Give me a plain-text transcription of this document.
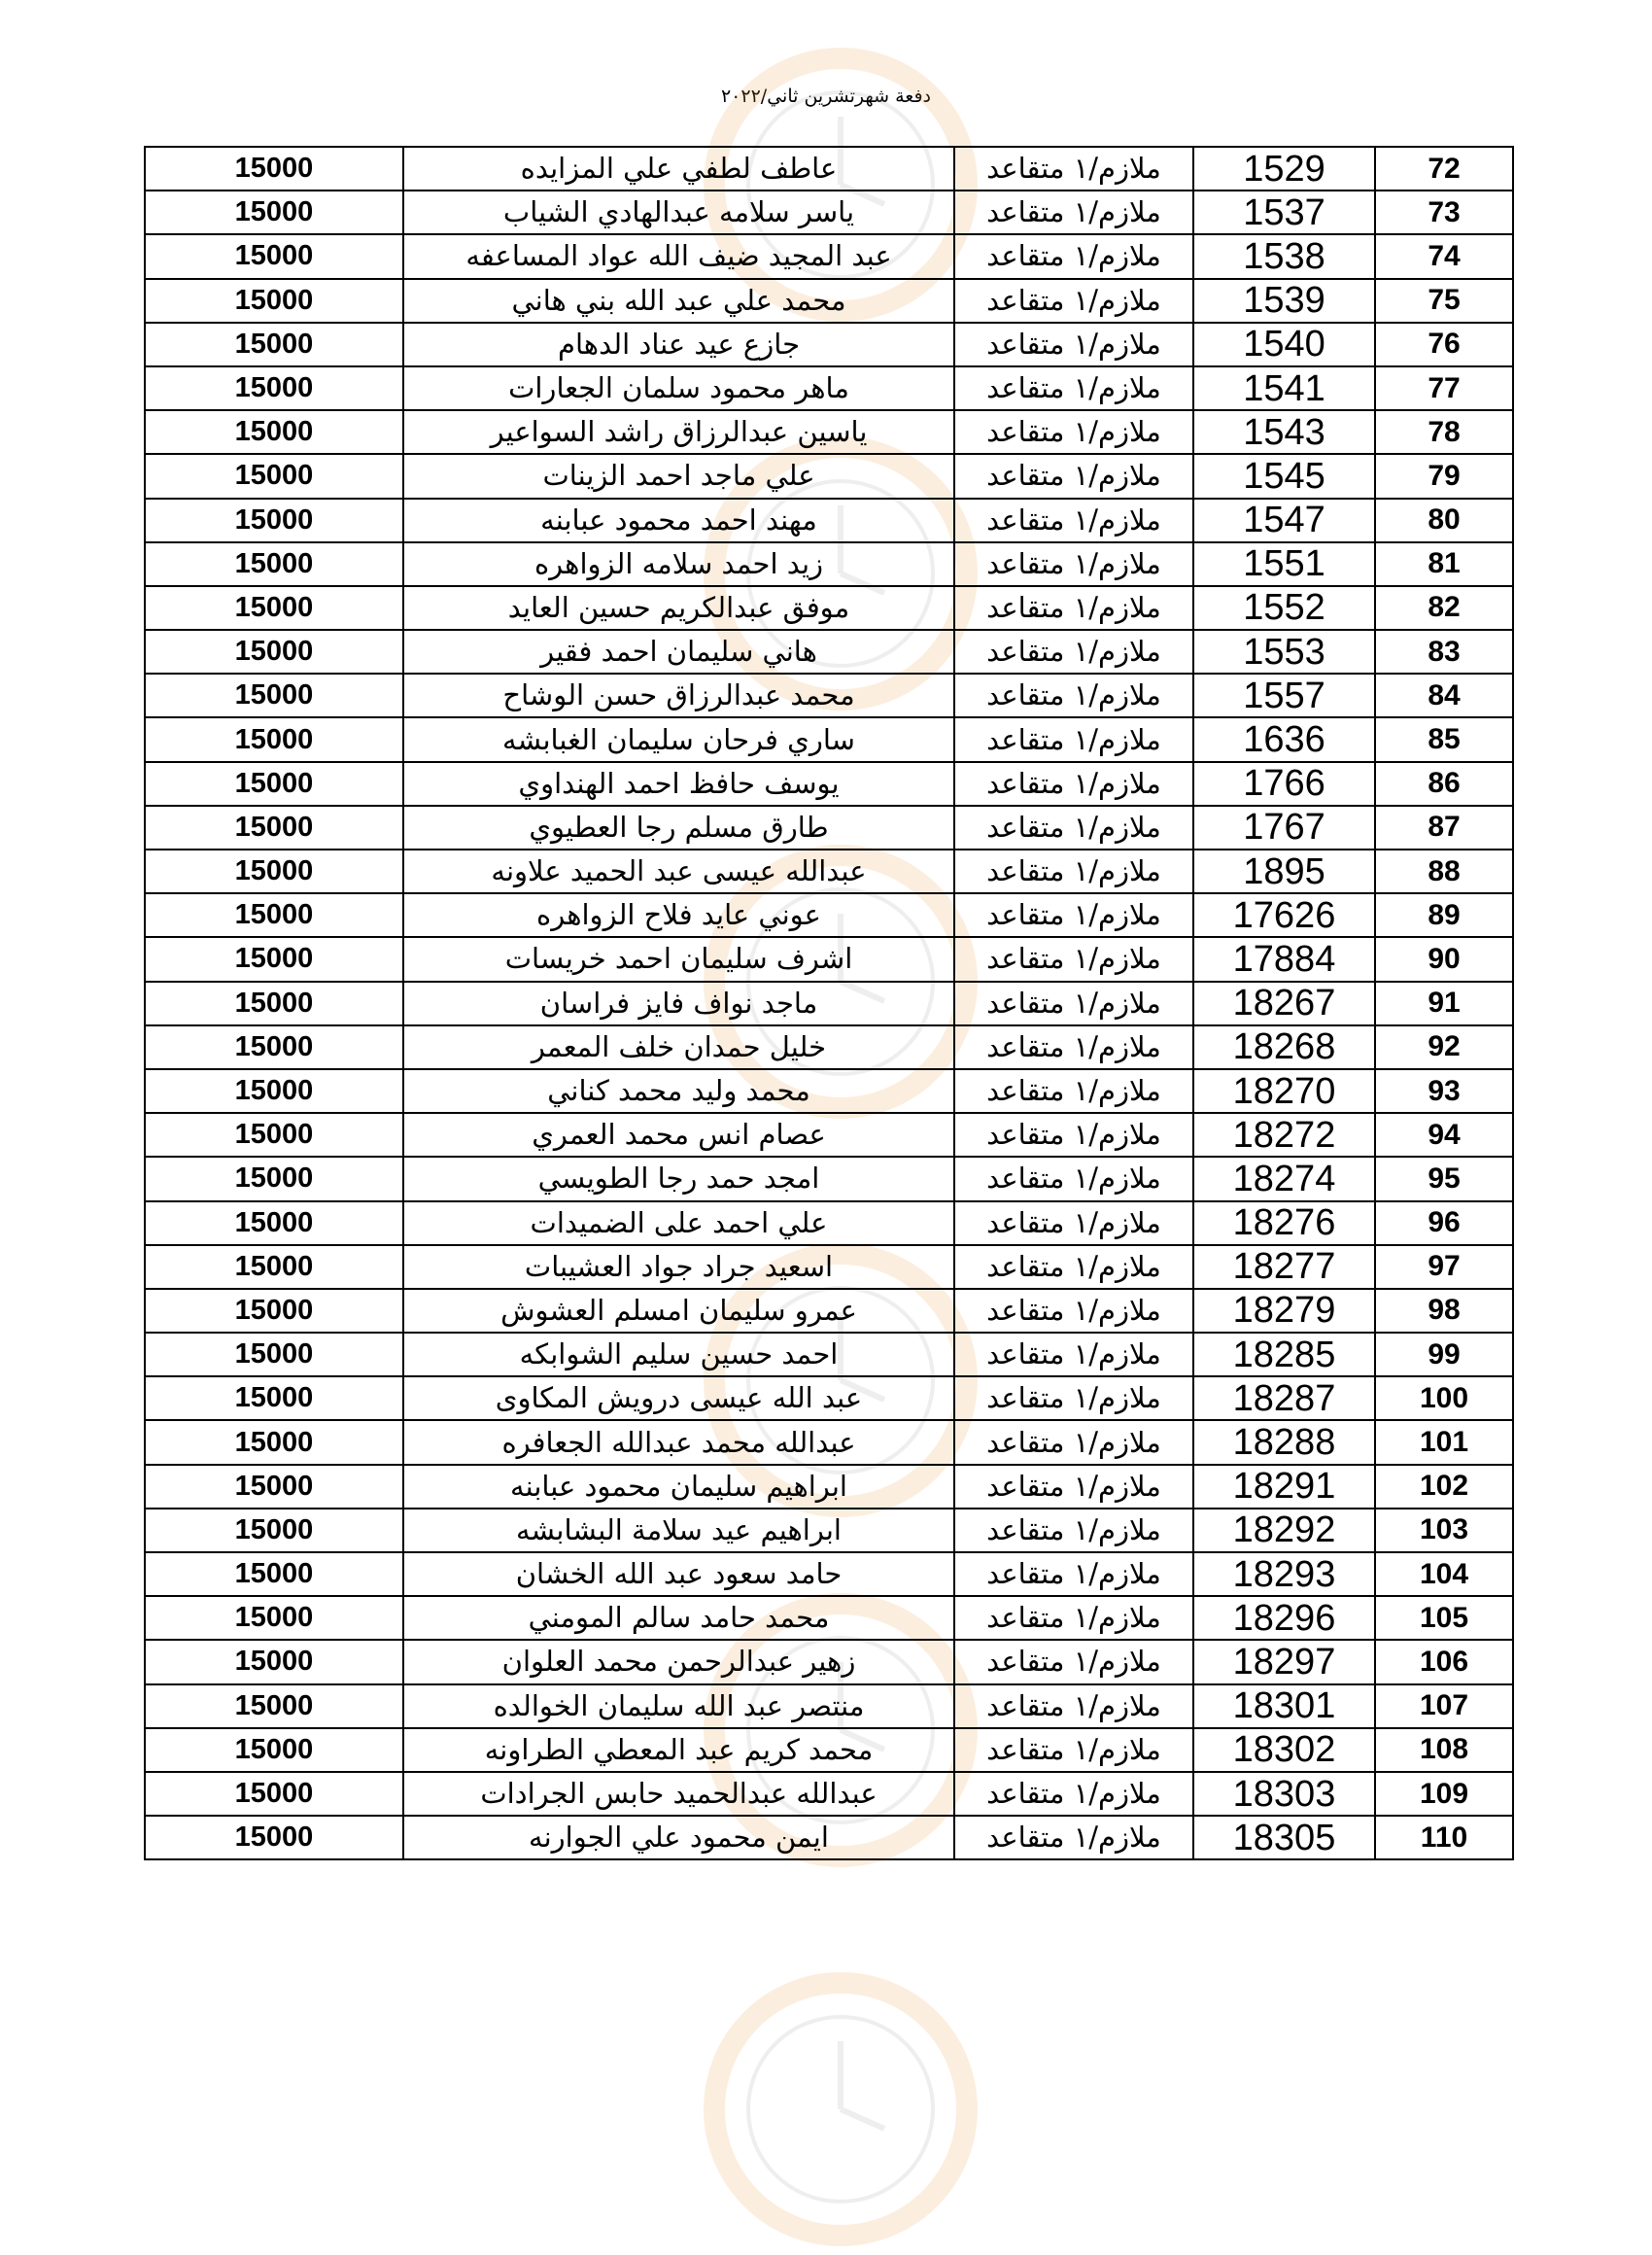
دفعة شهرتشرين ثاني/٢٠٢٢
15000	عاطف لطفي علي المزايده	ملازم/١ متقاعد	1529	72
15000	ياسر سلامه عبدالهادي الشياب	ملازم/١ متقاعد	1537	73
15000	عبد المجيد ضيف الله عواد المساعفه	ملازم/١ متقاعد	1538	74
15000	محمد علي عبد الله بني هاني	ملازم/١ متقاعد	1539	75
15000	جازع عيد عناد الدهام	ملازم/١ متقاعد	1540	76
15000	ماهر محمود سلمان الجعارات	ملازم/١ متقاعد	1541	77
15000	ياسين عبدالرزاق راشد السواعير	ملازم/١ متقاعد	1543	78
15000	علي ماجد احمد الزينات	ملازم/١ متقاعد	1545	79
15000	مهند احمد محمود عبابنه	ملازم/١ متقاعد	1547	80
15000	زيد احمد سلامه الزواهره	ملازم/١ متقاعد	1551	81
15000	موفق عبدالكريم حسين العايد	ملازم/١ متقاعد	1552	82
15000	هاني سليمان احمد فقير	ملازم/١ متقاعد	1553	83
15000	محمد عبدالرزاق حسن الوشاح	ملازم/١ متقاعد	1557	84
15000	ساري فرحان سليمان الغبابشه	ملازم/١ متقاعد	1636	85
15000	يوسف حافظ احمد الهنداوي	ملازم/١ متقاعد	1766	86
15000	طارق مسلم رجا العطيوي	ملازم/١ متقاعد	1767	87
15000	عبدالله عيسى عبد الحميد علاونه	ملازم/١ متقاعد	1895	88
15000	عوني عايد فلاح الزواهره	ملازم/١ متقاعد	17626	89
15000	اشرف سليمان احمد خريسات	ملازم/١ متقاعد	17884	90
15000	ماجد نواف فايز فراسان	ملازم/١ متقاعد	18267	91
15000	خليل حمدان خلف المعمر	ملازم/١ متقاعد	18268	92
15000	محمد وليد محمد كناني	ملازم/١ متقاعد	18270	93
15000	عصام انس محمد العمري	ملازم/١ متقاعد	18272	94
15000	امجد حمد رجا الطويسي	ملازم/١ متقاعد	18274	95
15000	علي احمد على الضميدات	ملازم/١ متقاعد	18276	96
15000	اسعيد جراد جواد العشيبات	ملازم/١ متقاعد	18277	97
15000	عمرو سليمان امسلم العشوش	ملازم/١ متقاعد	18279	98
15000	احمد حسين سليم الشوابكه	ملازم/١ متقاعد	18285	99
15000	عبد الله عيسى درويش المكاوى	ملازم/١ متقاعد	18287	100
15000	عبدالله محمد عبدالله الجعافره	ملازم/١ متقاعد	18288	101
15000	ابراهيم سليمان محمود عبابنه	ملازم/١ متقاعد	18291	102
15000	ابراهيم عيد سلامة البشابشه	ملازم/١ متقاعد	18292	103
15000	حامد سعود عبد الله الخشان	ملازم/١ متقاعد	18293	104
15000	محمد حامد سالم المومني	ملازم/١ متقاعد	18296	105
15000	زهير عبدالرحمن محمد العلوان	ملازم/١ متقاعد	18297	106
15000	منتصر عبد الله سليمان الخوالده	ملازم/١ متقاعد	18301	107
15000	محمد كريم عبد المعطي الطراونه	ملازم/١ متقاعد	18302	108
15000	عبدالله عبدالحميد حابس الجرادات	ملازم/١ متقاعد	18303	109
15000	ايمن محمود علي الجوارنه	ملازم/١ متقاعد	18305	110
